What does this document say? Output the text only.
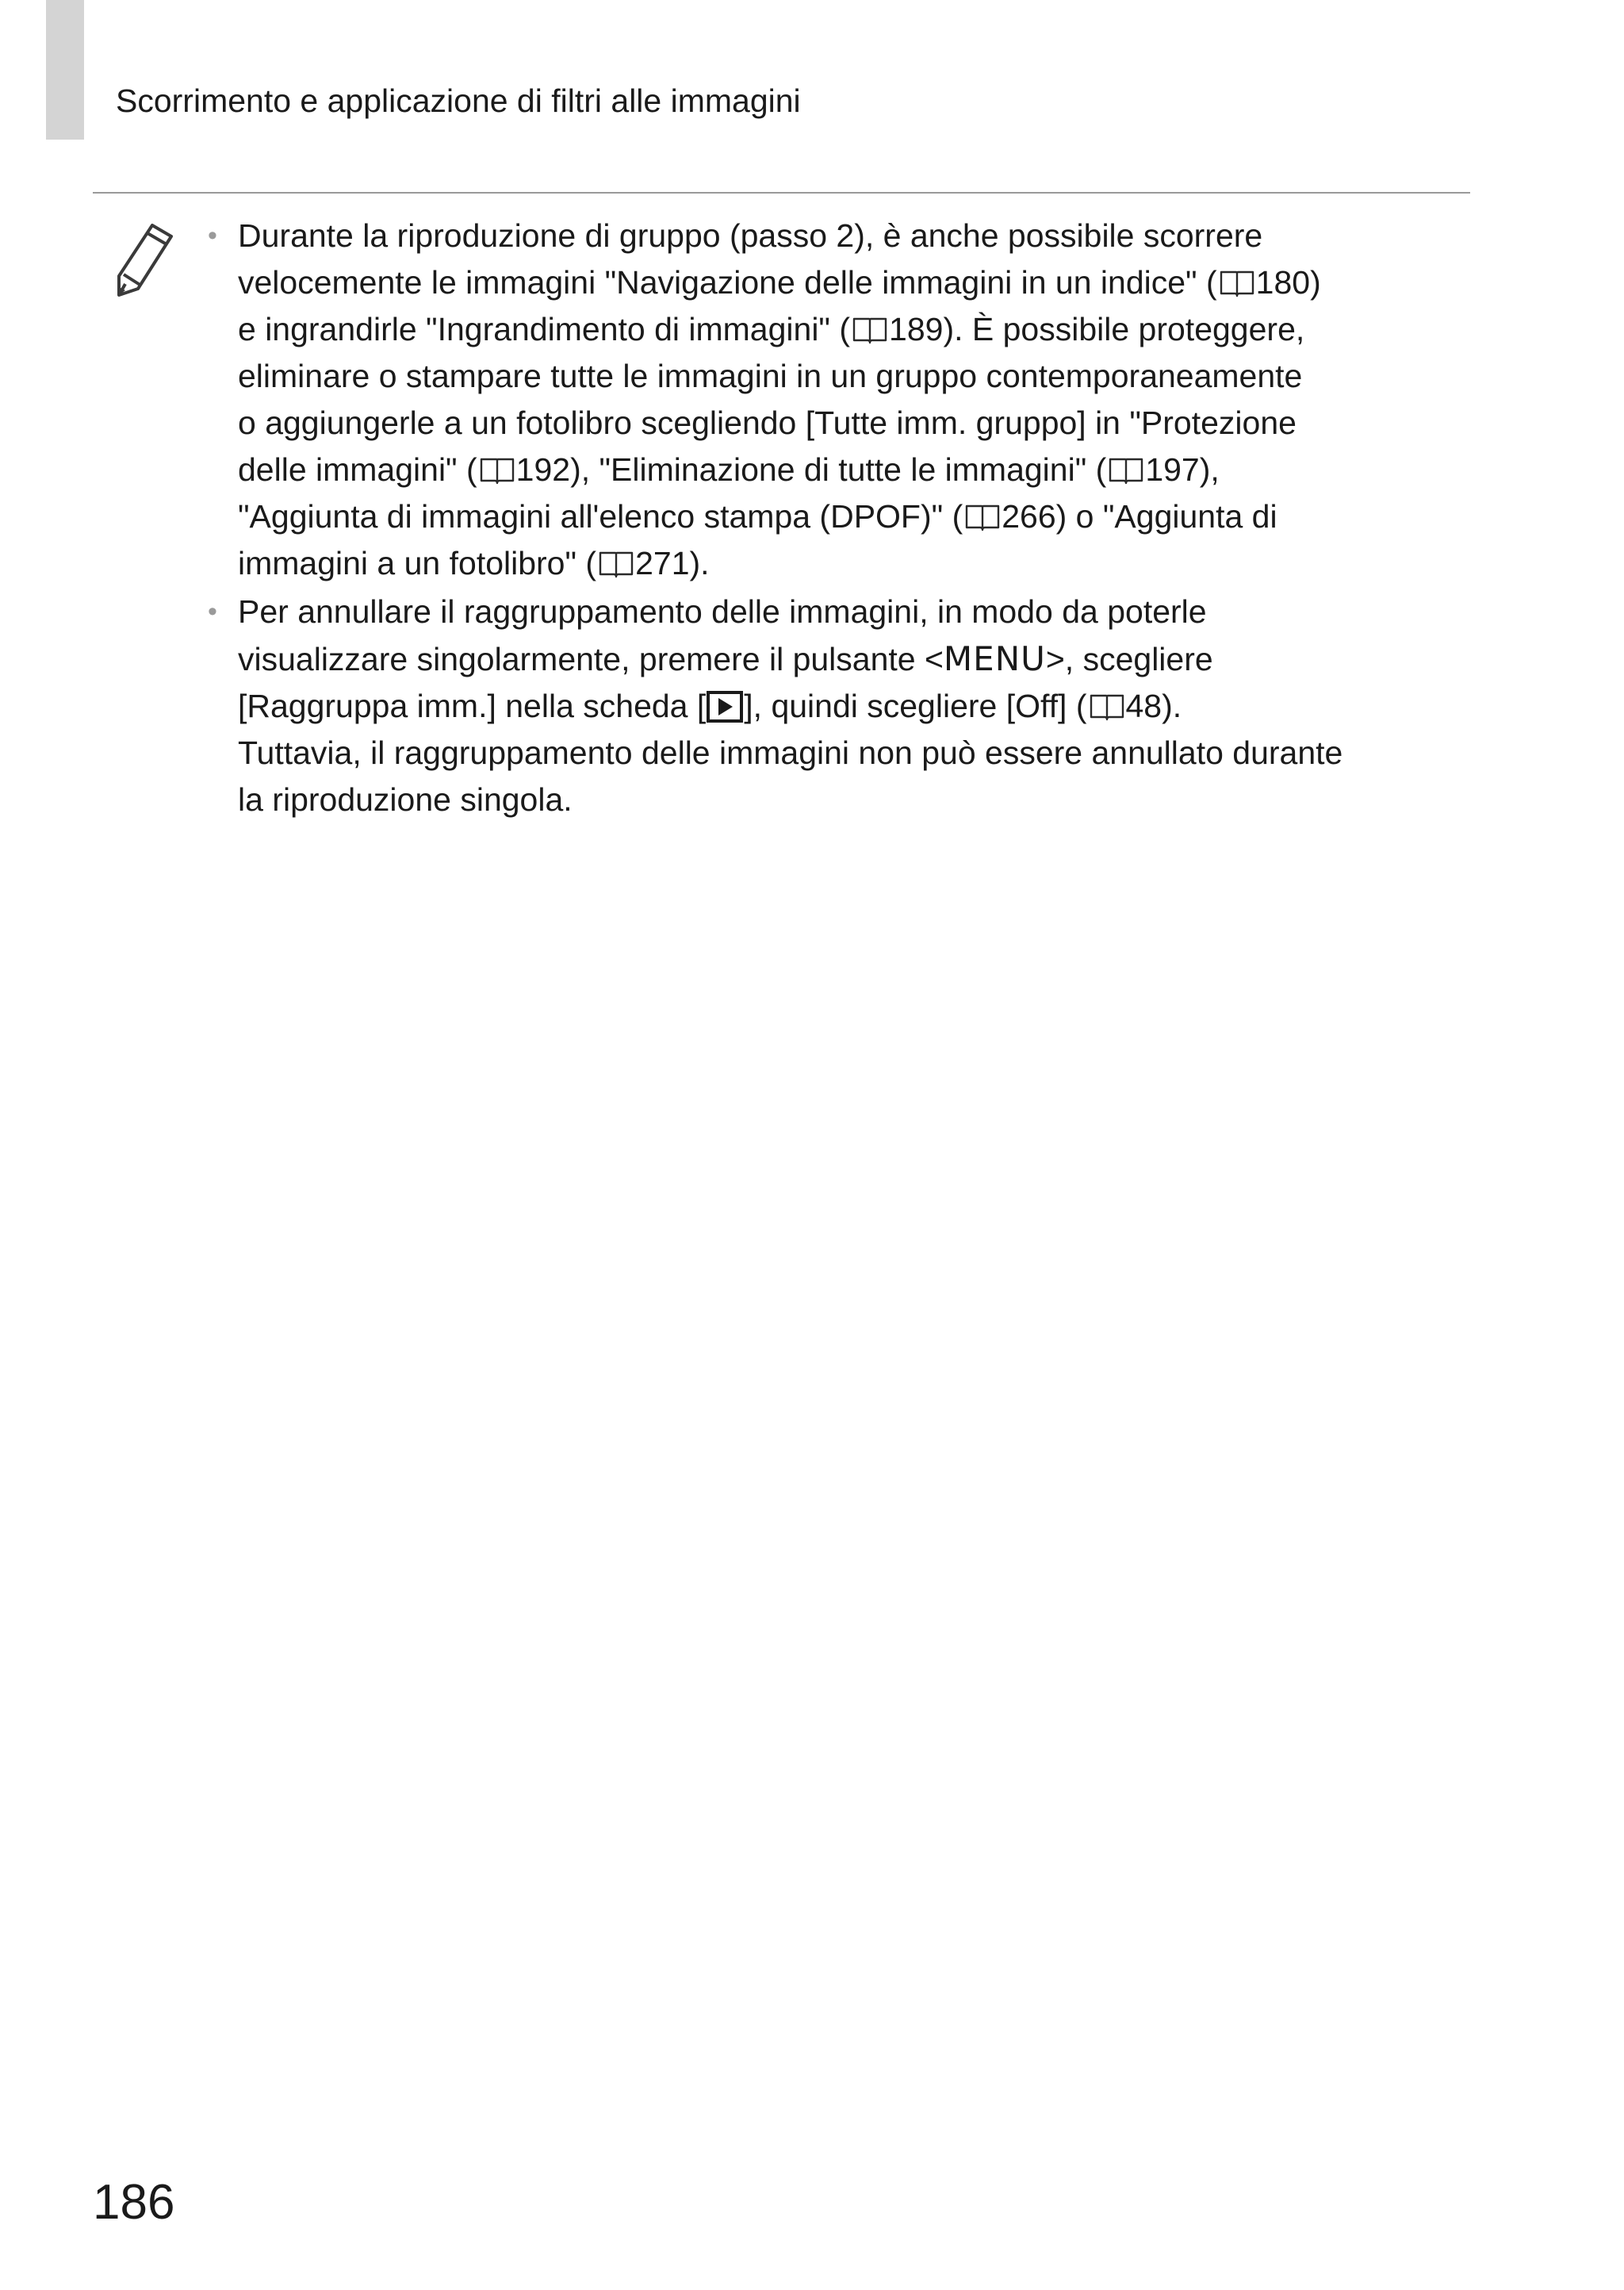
Scorrimento e applicazione di filtri alle immagini
• Durante la riproduzione di gruppo (passo 2), è anche possibile scorrere
velocemente le immagini "Navigazione delle immagini in un indice" ( 180)
e ingrandirle "Ingrandimento di immagini" ( 189). È possibile proteggere,
eliminare o stampare tutte le immagini in un gruppo contemporaneamente
o aggiungerle a un fotolibro scegliendo [Tutte imm. gruppo] in "Protezione
delle immagini" ( 192), "Eliminazione di tutte le immagini" ( 197),
"Aggiunta di immagini all'elenco stampa (DPOF)" ( 266) o "Aggiunta di
immagini a un fotolibro" ( 271).
• Per annullare il raggruppamento delle immagini, in modo da poterle
visualizzare singolarmente, premere il pulsante <MENU>, scegliere
[Raggruppa imm.] nella scheda [ ], quindi scegliere [Off] ( 48).
Tuttavia, il raggruppamento delle immagini non può essere annullato durante
la riproduzione singola.
186
